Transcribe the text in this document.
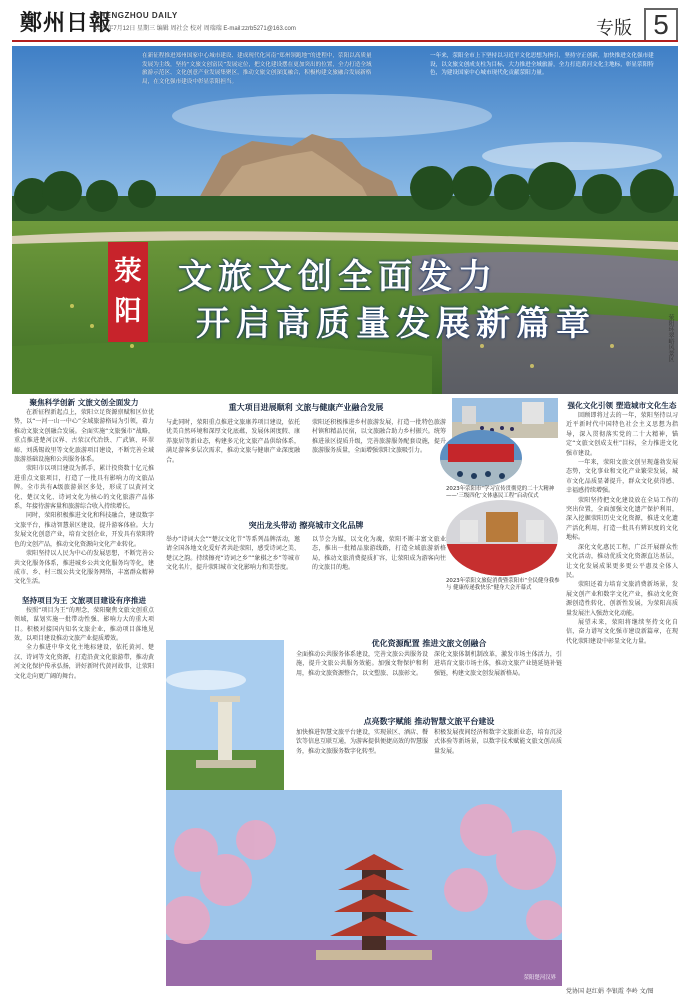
鄭州日報
ZHENGZHOU DAILY
2023年7月12日 星期三 编辑 周社会 校对 周瑞瑞 E-mail:zzrb5271@163.com	专版 5
在新征程推进郑州国家中心城市建设、建成现代化河南“郑州领跑地”的进程中，荥阳以高质量发展为主线，坚持“文旅文创富民”发展定位，把文化建设摆在更加突出的位置，全力打造全域旅游示范区、文化创意产业发展集聚区，推动文旅文创深度融合，积极构建文旅融合发展新格局，在文化强市建设中彰显荥阳担当。
一年来，荥阳全市上下坚持以习近平文化思想为指引，坚持守正创新，加快推进文化强市建设，以文旅文创成支柱为目标，大力推进全域旅游，全力打造黄河文化主地标，彰显荥阳特色，为建设国家中心城市现代化贡献荥阳力量。
荥阳
文旅文创全面发力
开启高质量发展新篇章	荥阳环翠峪风景区
聚焦科学创新 文旅文创全面发力
在新征程新起点上，荥阳立足资源禀赋和区位优势，以“一河一山一中心”全域旅游格局为引领，着力推动文旅文创融合发展。全面实施“文旅强市”战略，重点推进楚河汉界、古荥汉代冶铁、广武镇、环翠峪、刘禹锡故里等文化旅游项目建设，不断完善全域旅游基础设施和公共服务体系。
荥阳市以项目建设为抓手，累计投资数十亿元推进重点文旅项目，打造了一批具有影响力的文旅品牌。全市共有A级旅游景区多处，形成了以黄河文化、楚汉文化、诗词文化为核心的文化旅游产品体系，年接待游客量和旅游综合收入持续增长。
同时，荥阳积极推进文化和科技融合，建设数字文旅平台，推动智慧景区建设，提升游客体验。大力发展文化创意产业，培育文创企业，开发具有荥阳特色的文创产品，推动文化资源向文化产业转化。
荥阳坚持以人民为中心的发展思想，不断完善公共文化服务体系，推进城乡公共文化服务均等化，建成市、乡、村三级公共文化服务网络，丰富群众精神文化生活。
坚持项目为王 文旅项目建设有序推进
按照“项目为王”的理念，荥阳聚焦文旅文创重点领域，谋划实施一批带动性强、影响力大的重大项目。积极对接国内知名文旅企业，推动项目落地见效，以项目建设推动文旅产业提质增效。
全力推进中华文化主地标建设，依托黄河、楚汉、诗词等文化资源，打造沿黄文化旅游带，推动黄河文化保护传承弘扬，讲好新时代黄河故事，让荥阳文化走向更广阔的舞台。
重大项目进展顺利 文旅与健康产业融合发展
与此同时，荥阳重点推进文旅康养项目建设，依托优美自然环境和深厚文化底蕴，发展休闲度假、康养旅居等新业态，构建多元化文旅产品供给体系，满足游客多层次需求，推动文旅与健康产业深度融合。
荥阳还积极推进乡村旅游发展，打造一批特色旅游村镇和精品民宿，以文旅融合助力乡村振兴。统筹推进景区提质升级，完善旅游服务配套设施，提升旅游服务质量，全面增强荥阳文旅吸引力。
突出龙头带动 擦亮城市文化品牌
举办“诗词大会”“楚汉文化节”等系列品牌活动，邀请全国各地文化爱好者共赴荥阳，感受诗词之美、楚汉之韵。持续擦亮“诗词之乡”“象棋之乡”等城市文化名片，提升荥阳城市文化影响力和美誉度。
以节会为媒，以文化为魂，荥阳不断丰富文旅业态，推出一批精品旅游线路，打造全域旅游新格局，推动文旅消费提质扩容，让荥阳成为游客向往的文旅目的地。
2023年荥阳市“学习宣传贯彻党的二十大精神——‘三级四化’文体惠民工程”启动仪式
2023年荥阳文旅促消费暨荥阳市“全民健身我参与 健康传递我快乐”健身大会开幕式
优化资源配置 推进文旅文创融合
全面推动公共服务体系建设，完善文旅公共服务设施，提升文旅公共服务效能。加强文物保护和利用，推动文旅资源整合，以文塑旅、以旅彰文。
深化文旅体制机制改革，激发市场主体活力，引进培育文旅市场主体，推动文旅产业链延链补链强链，构建文旅文创发展新格局。
点亮数字赋能 推动智慧文旅平台建设
加快推进智慧文旅平台建设，实现景区、酒店、餐饮等信息互联互通，为游客提供便捷高效的智慧服务，推动文旅服务数字化转型。
积极发展夜间经济和数字文旅新业态，培育沉浸式体验等新场景，以数字技术赋能文旅文创高质量发展。
荥阳楚河汉界
强化文化引领 塑造城市文化生态
回顾即将过去的一年，荥阳坚持以习近平新时代中国特色社会主义思想为指导，深入贯彻落实党的二十大精神，锚定“文旅文创成支柱”目标，全力推进文化强市建设。
一年来，荥阳文旅文创呈现蓬勃发展态势，文化事业和文化产业繁荣发展，城市文化品质显著提升，群众文化获得感、幸福感持续增强。
荥阳坚持把文化建设放在全局工作的突出位置，全面加强文化遗产保护利用，深入挖掘荥阳历史文化资源，推进文化遗产活化利用，打造一批具有辨识度的文化地标。
深化文化惠民工程，广泛开展群众性文化活动，推动优质文化资源直达基层，让文化发展成果更多更公平惠及全体人民。
荥阳还着力培育文旅消费新场景，发展文创产业和数字文化产业，推动文化资源创造性转化、创新性发展，为荥阳高质量发展注入强劲文化动能。
展望未来，荥阳将继续坚持文化自信，奋力谱写文化强市建设新篇章，在现代化荥阳建设中彰显文化力量。
党协国 赵红娟 李银霞 李岭 文/图
